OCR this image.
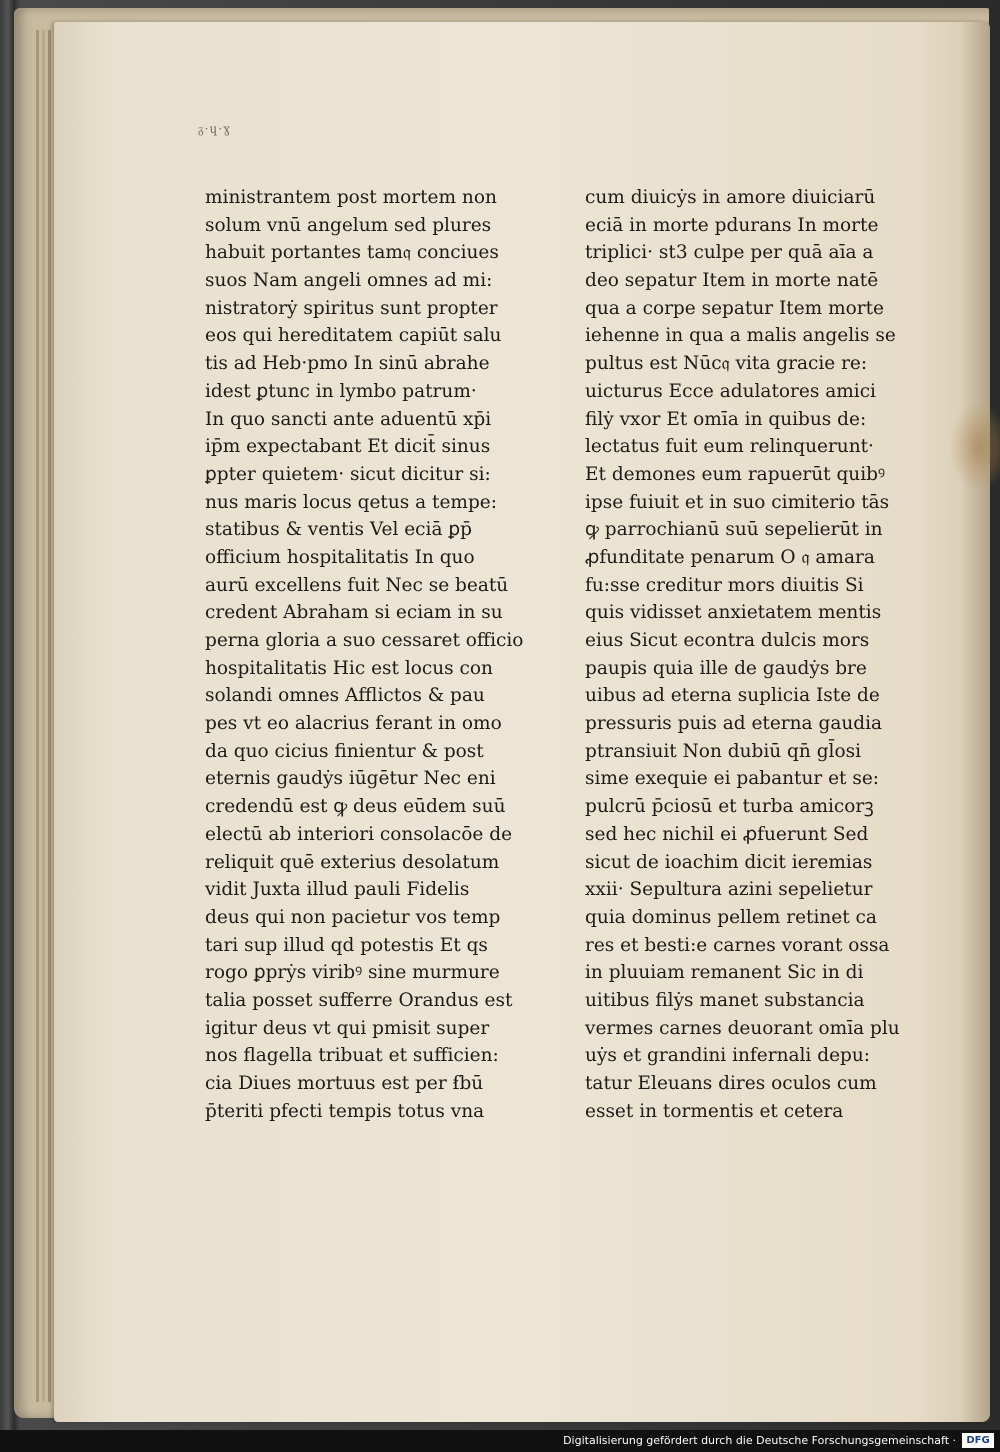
ᵹ·ɥ·ɣ
ministrantem post mortem non
solum vnū angelum sed plures
habuit portantes tam𝔮 conciues
suos Nam angeli omnes ad mi:
nistratorẏ spiritus sunt propter
eos qui hereditatem capiūt salu
tis ad Heb·pmo In sinū abrahe
idest ꝑtunc in lymbo patrum·
In quo sancti ante aduentū xp̄i
ip̄m expectabant Et dicit̄ sinus
ꝑpter quietem· sicut dicitur si:
nus maris locus qetus a tempe:
statibus & ventis Vel eciā ꝑp̄
officium hospitalitatis In quo
aurū excellens fuit Nec se beatū
credent Abraham si eciam in su
perna gloria a suo cessaret officio
hospitalitatis Hic est locus con
solandi omnes Afflictos & pau
pes vt eo alacrius ferant in omo
da quo cicius finientur & post
eternis gaudẏs iūgētur Nec eni
credendū est ꝙ deus eūdem suū
electū ab interiori consolacōe de
reliquit quē exterius desolatum
vidit Juxta illud pauli Fidelis
deus qui non pacietur vos temp
tari sup illud qd potestis Et qs
rogo ꝑprẏs viribꝰ sine murmure
talia posset sufferre Orandus est
igitur deus vt qui pmisit super
nos flagella tribuat et sufficien:
cia Diues mortuus est per ẜbū
p̄teriti pfecti tempis totus vna
cum diuicẏs in amore diuiciarū
eciā in morte pdurans In morte
triplici· st3 culpe per quā aīa a
deo sepatur Item in morte natē
qua a corpe sepatur Item morte
iehenne in qua a malis angelis se
pultus est Nūc𝔮 vita gracie re:
uicturus Ecce adulatores amici
filẏ vxor Et omīa in quibus de:
lectatus fuit eum relinquerunt·
Et demones eum rapuerūt quibꝰ
ipse fuiuit et in suo cimiterio tās
ꝙ parrochianū suū sepelierūt in
ꝓfunditate penarum O 𝔮 amara
fu:sse creditur mors diuitis Si
quis vidisset anxietatem mentis
eius Sicut econtra dulcis mors
paupis quia ille de gaudẏs bre
uibus ad eterna suplicia Iste de
pressuris puis ad eterna gaudia
ptransiuit Non dubiū qn̄ gl̄osi
sime exequie ei pabantur et se:
pulcrū p̄ciosū et turba amicorꝫ
sed hec nichil ei ꝓfuerunt Sed
sicut de ioachim dicit ieremias
xxii· Sepultura azini sepelietur
quia dominus pellem retinet ca
res et besti:e carnes vorant ossa
in pluuiam remanent Sic in di
uitibus filẏs manet substancia
vermes carnes deuorant omīa plu
uẏs et grandini infernali depu:
tatur Eleuans dires oculos cum
esset in tormentis et cetera
Digitalisierung gefördert durch die Deutsche Forschungsgemeinschaft ·	DFG
